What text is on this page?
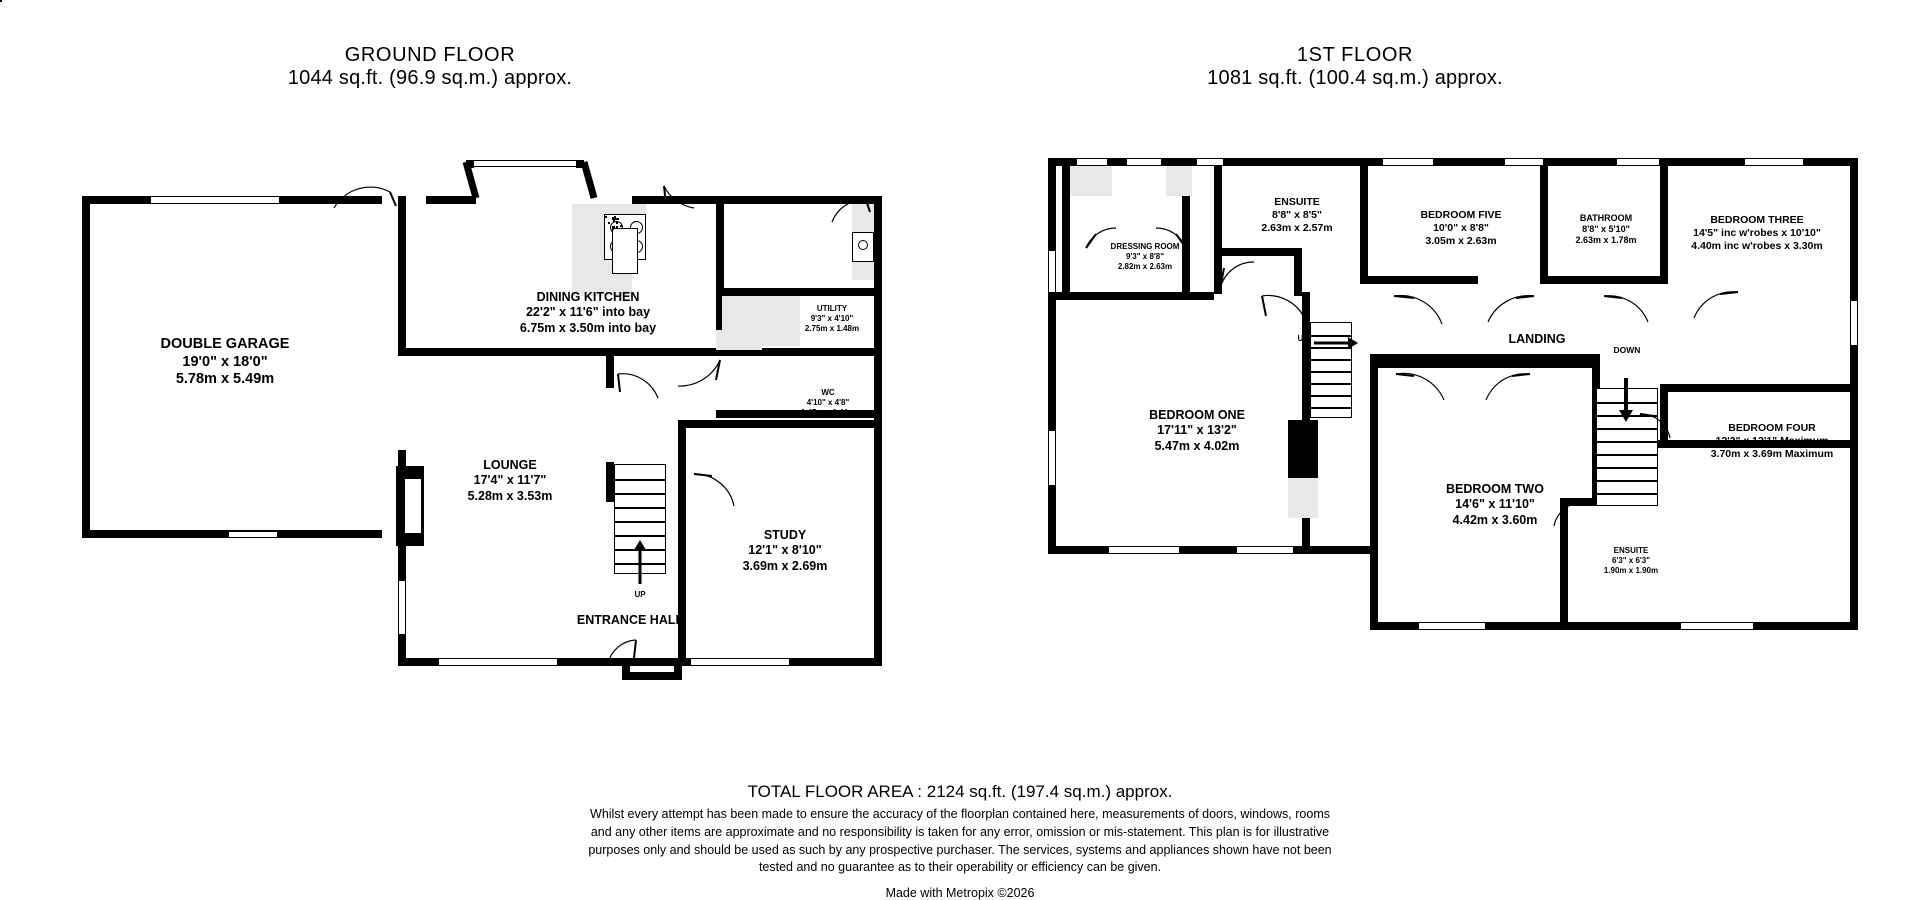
GROUND FLOOR
1044 sq.ft. (96.9 sq.m.) approx.
1ST FLOOR
1081 sq.ft. (100.4 sq.m.) approx.
UP
DOUBLE GARAGE
19'0" x 18'0"
5.78m x 5.49m
DINING KITCHEN
22'2" x 11'6" into bay
6.75m x 3.50m into bay
UTILITY
9'3" x 4'10"
2.75m x 1.48m
WC
4'10" x 4'8"
1.47m x 1.44m
LOUNGE
17'4" x 11'7"
5.28m x 3.53m
STUDY
12'1" x 8'10"
3.69m x 2.69m
ENTRANCE HALL
UP
DOWN
DRESSING ROOM
9'3" x 8'8"
2.82m x 2.63m
ENSUITE
8'8" x 8'5"
2.63m x 2.57m
BEDROOM FIVE
10'0" x 8'8"
3.05m x 2.63m
BATHROOM
8'8" x 5'10"
2.63m x 1.78m
BEDROOM THREE
14'5" inc w'robes x 10'10"
4.40m inc w'robes x 3.30m
BEDROOM ONE
17'11" x 13'2"
5.47m x 4.02m
BEDROOM TWO
14'6" x 11'10"
4.42m x 3.60m
BEDROOM FOUR
12'2" x 12'1" Maximum
3.70m x 3.69m Maximum
ENSUITE
6'3" x 6'3"
1.90m x 1.90m
LANDING
TOTAL FLOOR AREA : 2124 sq.ft. (197.4 sq.m.) approx.
Whilst every attempt has been made to ensure the accuracy of the floorplan contained here, measurements of doors, windows, rooms and any other items are approximate and no responsibility is taken for any error, omission or mis-statement. This plan is for illustrative purposes only and should be used as such by any prospective purchaser. The services, systems and appliances shown have not been tested and no guarantee as to their operability or efficiency can be given.
Made with Metropix ©2026
